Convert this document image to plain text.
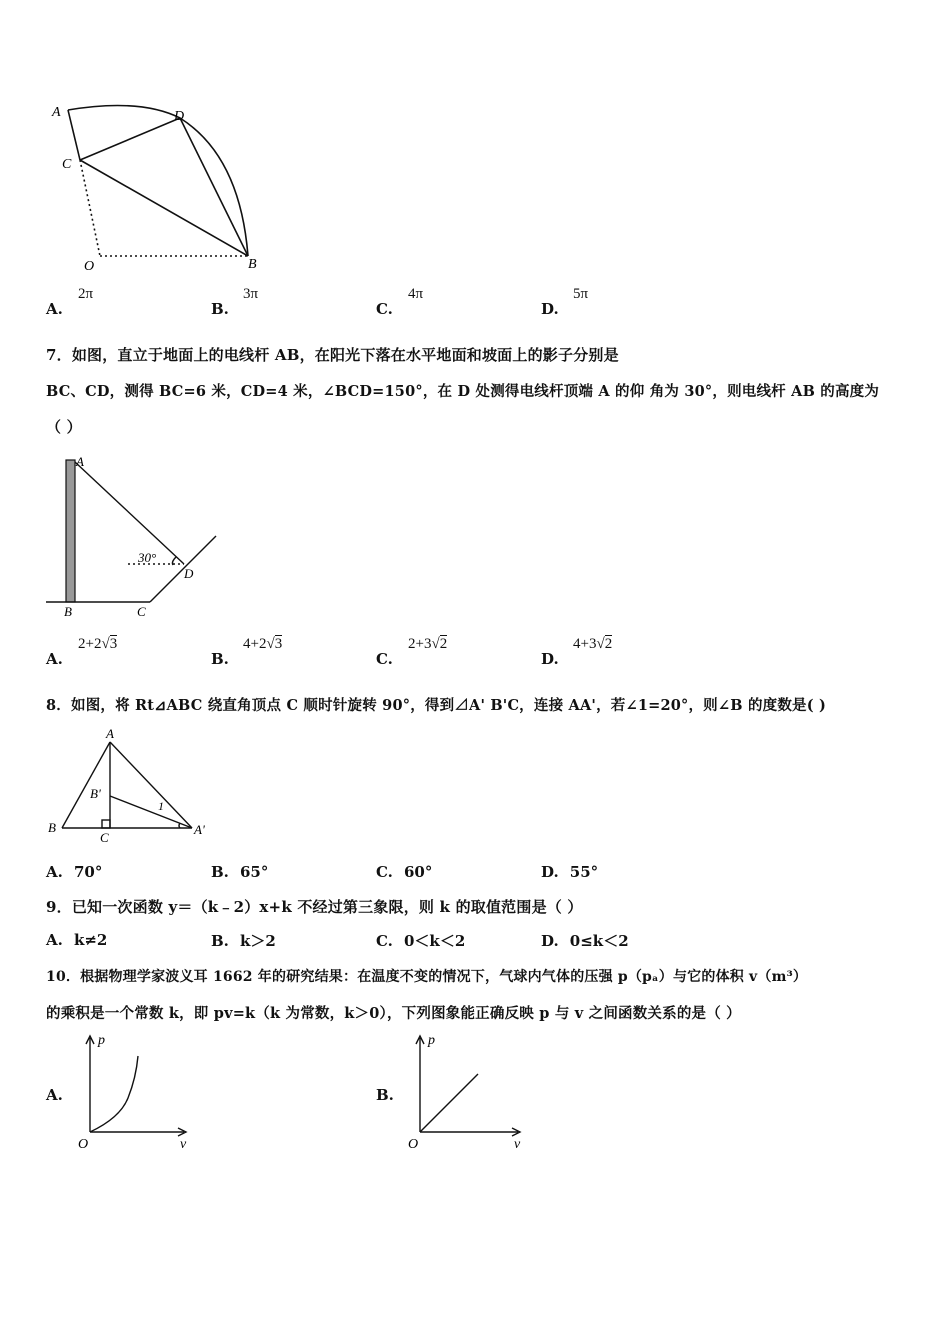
A	D
C
O	B
A.
2π
B.
3π
C.
4π
D.
5π
7．如图，直立于地面上的电线杆 AB，在阳光下落在水平地面和坡面上的影子分别是
BC、CD，测得 BC=6 米，CD=4 米，∠BCD=150°，在 D 处测得电线杆顶端 A 的仰 角为 30°，则电线杆 AB 的高度为
（ ）
A
30°
D
B	C
A.
2+2√3
B.
4+2√3
C.
2+3√2
D.
4+3√2
8．如图，将 Rt⊿ABC 绕直角顶点 C 顺时针旋转 90°，得到⊿A' B'C，连接 AA'，若∠1=20°，则∠B 的度数是( )
A
B'
1
B
C
A'
A. 70°	B. 65°	C. 60°	D. 55°
9．已知一次函数 y＝（k﹣2）x+k 不经过第三象限，则 k 的取值范围是（ ）
A. k≠2	B. k＞2	C. 0＜k＜2	D. 0≤k＜2
10．根据物理学家波义耳 1662 年的研究结果：在温度不变的情况下，气球内气体的压强 p（pₐ）与它的体积 v（m³）
的乘积是一个常数 k，即 pv=k（k 为常数，k＞0），下列图象能正确反映 p 与 v 之间函数关系的是（ ）
A.
p
O	v
B.
p
O	v
